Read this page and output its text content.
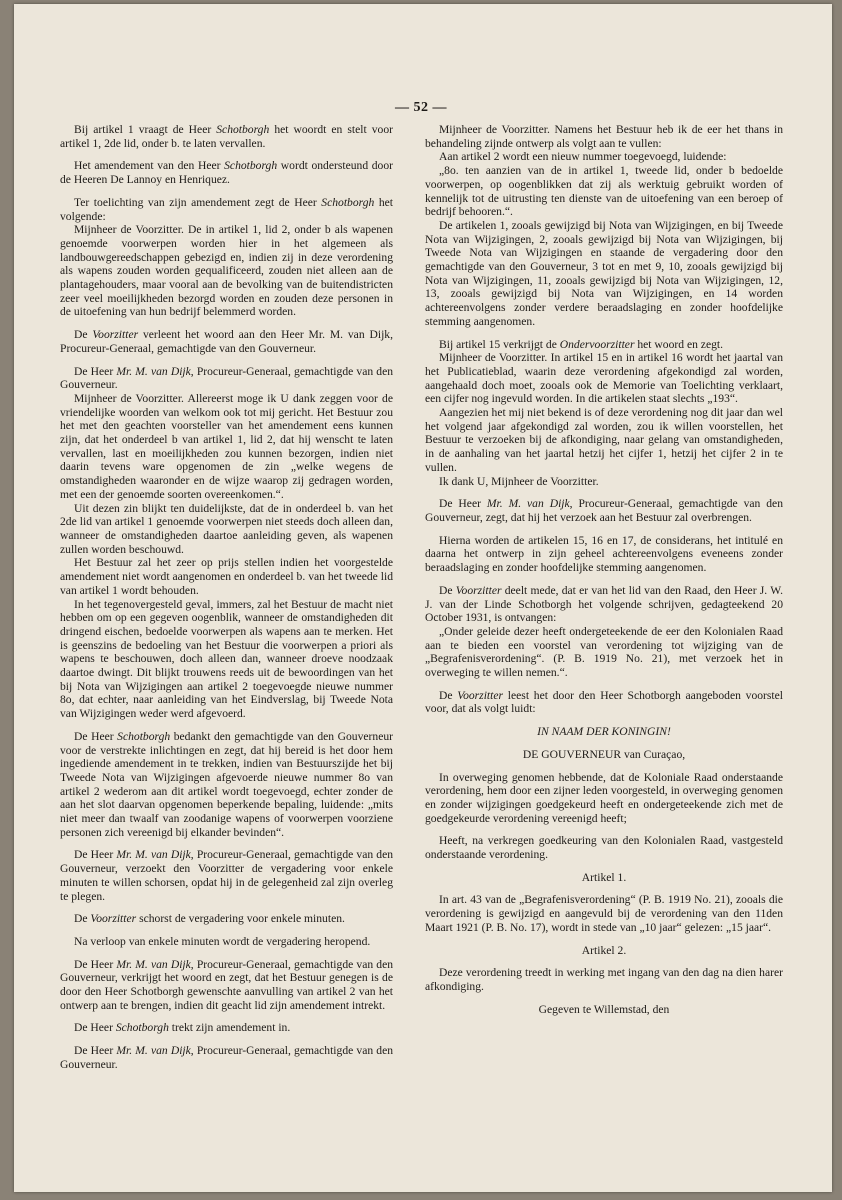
— 52 —

Bij artikel 1 vraagt de Heer Schotborgh het woordt en stelt voor artikel 1, 2de lid, onder b. te laten vervallen.

Het amendement van den Heer Schotborgh wordt ondersteund door de Heeren De Lannoy en Henriquez.

Ter toelichting van zijn amendement zegt de Heer Schotborgh het volgende:

Mijnheer de Voorzitter. De in artikel 1, lid 2, onder b als wapenen genoemde voorwerpen worden hier in het algemeen als landbouwgereedschappen gebezigd en, indien zij in deze verordening als wapens zouden worden gequalificeerd, zouden niet alleen aan de plantagehouders, maar vooral aan de bevolking van de buitendistricten zeer veel moeilijkheden bezorgd worden en zouden deze personen in de uitoefening van hun bedrijf belemmerd worden.

De Voorzitter verleent het woord aan den Heer Mr. M. van Dijk, Procureur-Generaal, gemachtigde van den Gouverneur.

De Heer Mr. M. van Dijk, Procureur-Generaal, gemachtigde van den Gouverneur.

Mijnheer de Voorzitter. Allereerst moge ik U dank zeggen voor de vriendelijke woorden van welkom ook tot mij gericht. Het Bestuur zou het met den geachten voorsteller van het amendement eens kunnen zijn, dat het onderdeel b van artikel 1, lid 2, dat hij wenscht te laten vervallen, last en moeilijkheden zou kunnen bezorgen, indien niet daarin tevens ware opgenomen de zin „welke wegens de omstandigheden waaronder en de wijze waarop zij gedragen worden, met een der genoemde soorten overeenkomen.“.

Uit dezen zin blijkt ten duidelijkste, dat de in onderdeel b. van het 2de lid van artikel 1 genoemde voorwerpen niet steeds doch alleen dan, wanneer de omstandigheden daartoe aanleiding geven, als wapenen zullen worden beschouwd.

Het Bestuur zal het zeer op prijs stellen indien het voorgestelde amendement niet wordt aangenomen en onderdeel b. van het tweede lid van artikel 1 wordt behouden.

In het tegenovergesteld geval, immers, zal het Bestuur de macht niet hebben om op een gegeven oogenblik, wanneer de omstandigheden dit dringend eischen, bedoelde voorwerpen als wapens aan te merken. Het is geenszins de bedoeling van het Bestuur die voorwerpen a priori als wapens te beschouwen, doch alleen dan, wanneer droeve noodzaak daartoe dwingt. Dit blijkt trouwens reeds uit de bewoordingen van het bij Nota van Wijzigingen aan artikel 2 toegevoegde nieuwe nummer 8o, dat echter, naar aanleiding van het Eindverslag, bij Tweede Nota van Wijzigingen weder werd afgevoerd.

De Heer Schotborgh bedankt den gemachtigde van den Gouverneur voor de verstrekte inlichtingen en zegt, dat hij bereid is het door hem ingediende amendement in te trekken, indien van Bestuurszijde het bij Tweede Nota van Wijzigingen afgevoerde nieuwe nummer 8o van artikel 2 wederom aan dit artikel wordt toegevoegd, echter zonder de aan het slot daarvan opgenomen beperkende bepaling, luidende: „mits niet meer dan twaalf van zoodanige wapens of voorwerpen voorziene personen zich vereenigd bij elkander bevinden“.

De Heer Mr. M. van Dijk, Procureur-Generaal, gemachtigde van den Gouverneur, verzoekt den Voorzitter de vergadering voor enkele minuten te willen schorsen, opdat hij in de gelegenheid zal zijn overleg te plegen.

De Voorzitter schorst de vergadering voor enkele minuten.

Na verloop van enkele minuten wordt de vergadering heropend.

De Heer Mr. M. van Dijk, Procureur-Generaal, gemachtigde van den Gouverneur, verkrijgt het woord en zegt, dat het Bestuur genegen is de door den Heer Schotborgh gewenschte aanvulling van artikel 2 van het ontwerp aan te brengen, indien dit geacht lid zijn amendement intrekt.

De Heer Schotborgh trekt zijn amendement in.

De Heer Mr. M. van Dijk, Procureur-Generaal, gemachtigde van den Gouverneur.

Mijnheer de Voorzitter. Namens het Bestuur heb ik de eer het thans in behandeling zijnde ontwerp als volgt aan te vullen:

Aan artikel 2 wordt een nieuw nummer toegevoegd, luidende:

„8o. ten aanzien van de in artikel 1, tweede lid, onder b bedoelde voorwerpen, op oogenblikken dat zij als werktuig gebruikt worden of kennelijk tot de uitrusting ten dienste van de uitoefening van een beroep of bedrijf behooren.“.

De artikelen 1, zooals gewijzigd bij Nota van Wijzigingen, en bij Tweede Nota van Wijzigingen, 2, zooals gewijzigd bij Nota van Wijzigingen, bij Tweede Nota van Wijzigingen en staande de vergadering door den gemachtigde van den Gouverneur, 3 tot en met 9, 10, zooals gewijzigd bij Nota van Wijzigingen, 11, zooals gewijzigd bij Nota van Wijzigingen, 12, 13, zooals gewijzigd bij Nota van Wijzigingen, en 14 worden achtereenvolgens zonder verdere beraadslaging en zonder hoofdelijke stemming aangenomen.

Bij artikel 15 verkrijgt de Ondervoorzitter het woord en zegt.

Mijnheer de Voorzitter. In artikel 15 en in artikel 16 wordt het jaartal van het Publicatieblad, waarin deze verordening afgekondigd zal worden, aangehaald doch moet, zooals ook de Memorie van Toelichting verklaart, een cijfer nog ingevuld worden. In die artikelen staat slechts „193“.

Aangezien het mij niet bekend is of deze verordening nog dit jaar dan wel het volgend jaar afgekondigd zal worden, zou ik willen voorstellen, het Bestuur te verzoeken bij de afkondiging, naar gelang van omstandigheden, in de aanhaling van het jaartal hetzij het cijfer 1, hetzij het cijfer 2 in te vullen.

Ik dank U, Mijnheer de Voorzitter.

De Heer Mr. M. van Dijk, Procureur-Generaal, gemachtigde van den Gouverneur, zegt, dat hij het verzoek aan het Bestuur zal overbrengen.

Hierna worden de artikelen 15, 16 en 17, de considerans, het intitulé en daarna het ontwerp in zijn geheel achtereenvolgens eveneens zonder beraadslaging en zonder hoofdelijke stemming aangenomen.

De Voorzitter deelt mede, dat er van het lid van den Raad, den Heer J. W. J. van der Linde Schotborgh het volgende schrijven, gedagteekend 20 October 1931, is ontvangen:

„Onder geleide dezer heeft ondergeteekende de eer den Kolonialen Raad aan te bieden een voorstel van verordening tot wijziging van de „Begrafenisverordening“. (P. B. 1919 No. 21), met verzoek het in overweging te willen nemen.“.

De Voorzitter leest het door den Heer Schotborgh aangeboden voorstel voor, dat als volgt luidt:

IN NAAM DER KONINGIN!

DE GOUVERNEUR van Curaçao,

In overweging genomen hebbende, dat de Koloniale Raad onderstaande verordening, hem door een zijner leden voorgesteld, in overweging genomen en zonder wijzigingen goedgekeurd heeft en ondergeteekende zich met de goedgekeurde verordening vereenigd heeft;

Heeft, na verkregen goedkeuring van den Kolonialen Raad, vastgesteld onderstaande verordening.

Artikel 1.

In art. 43 van de „Begrafenisverordening“ (P. B. 1919 No. 21), zooals die verordening is gewijzigd en aangevuld bij de verordening van den 11den Maart 1921 (P. B. No. 17), wordt in stede van „10 jaar“ gelezen: „15 jaar“.

Artikel 2.

Deze verordening treedt in werking met ingang van den dag na dien harer afkondiging.

Gegeven te Willemstad, den
